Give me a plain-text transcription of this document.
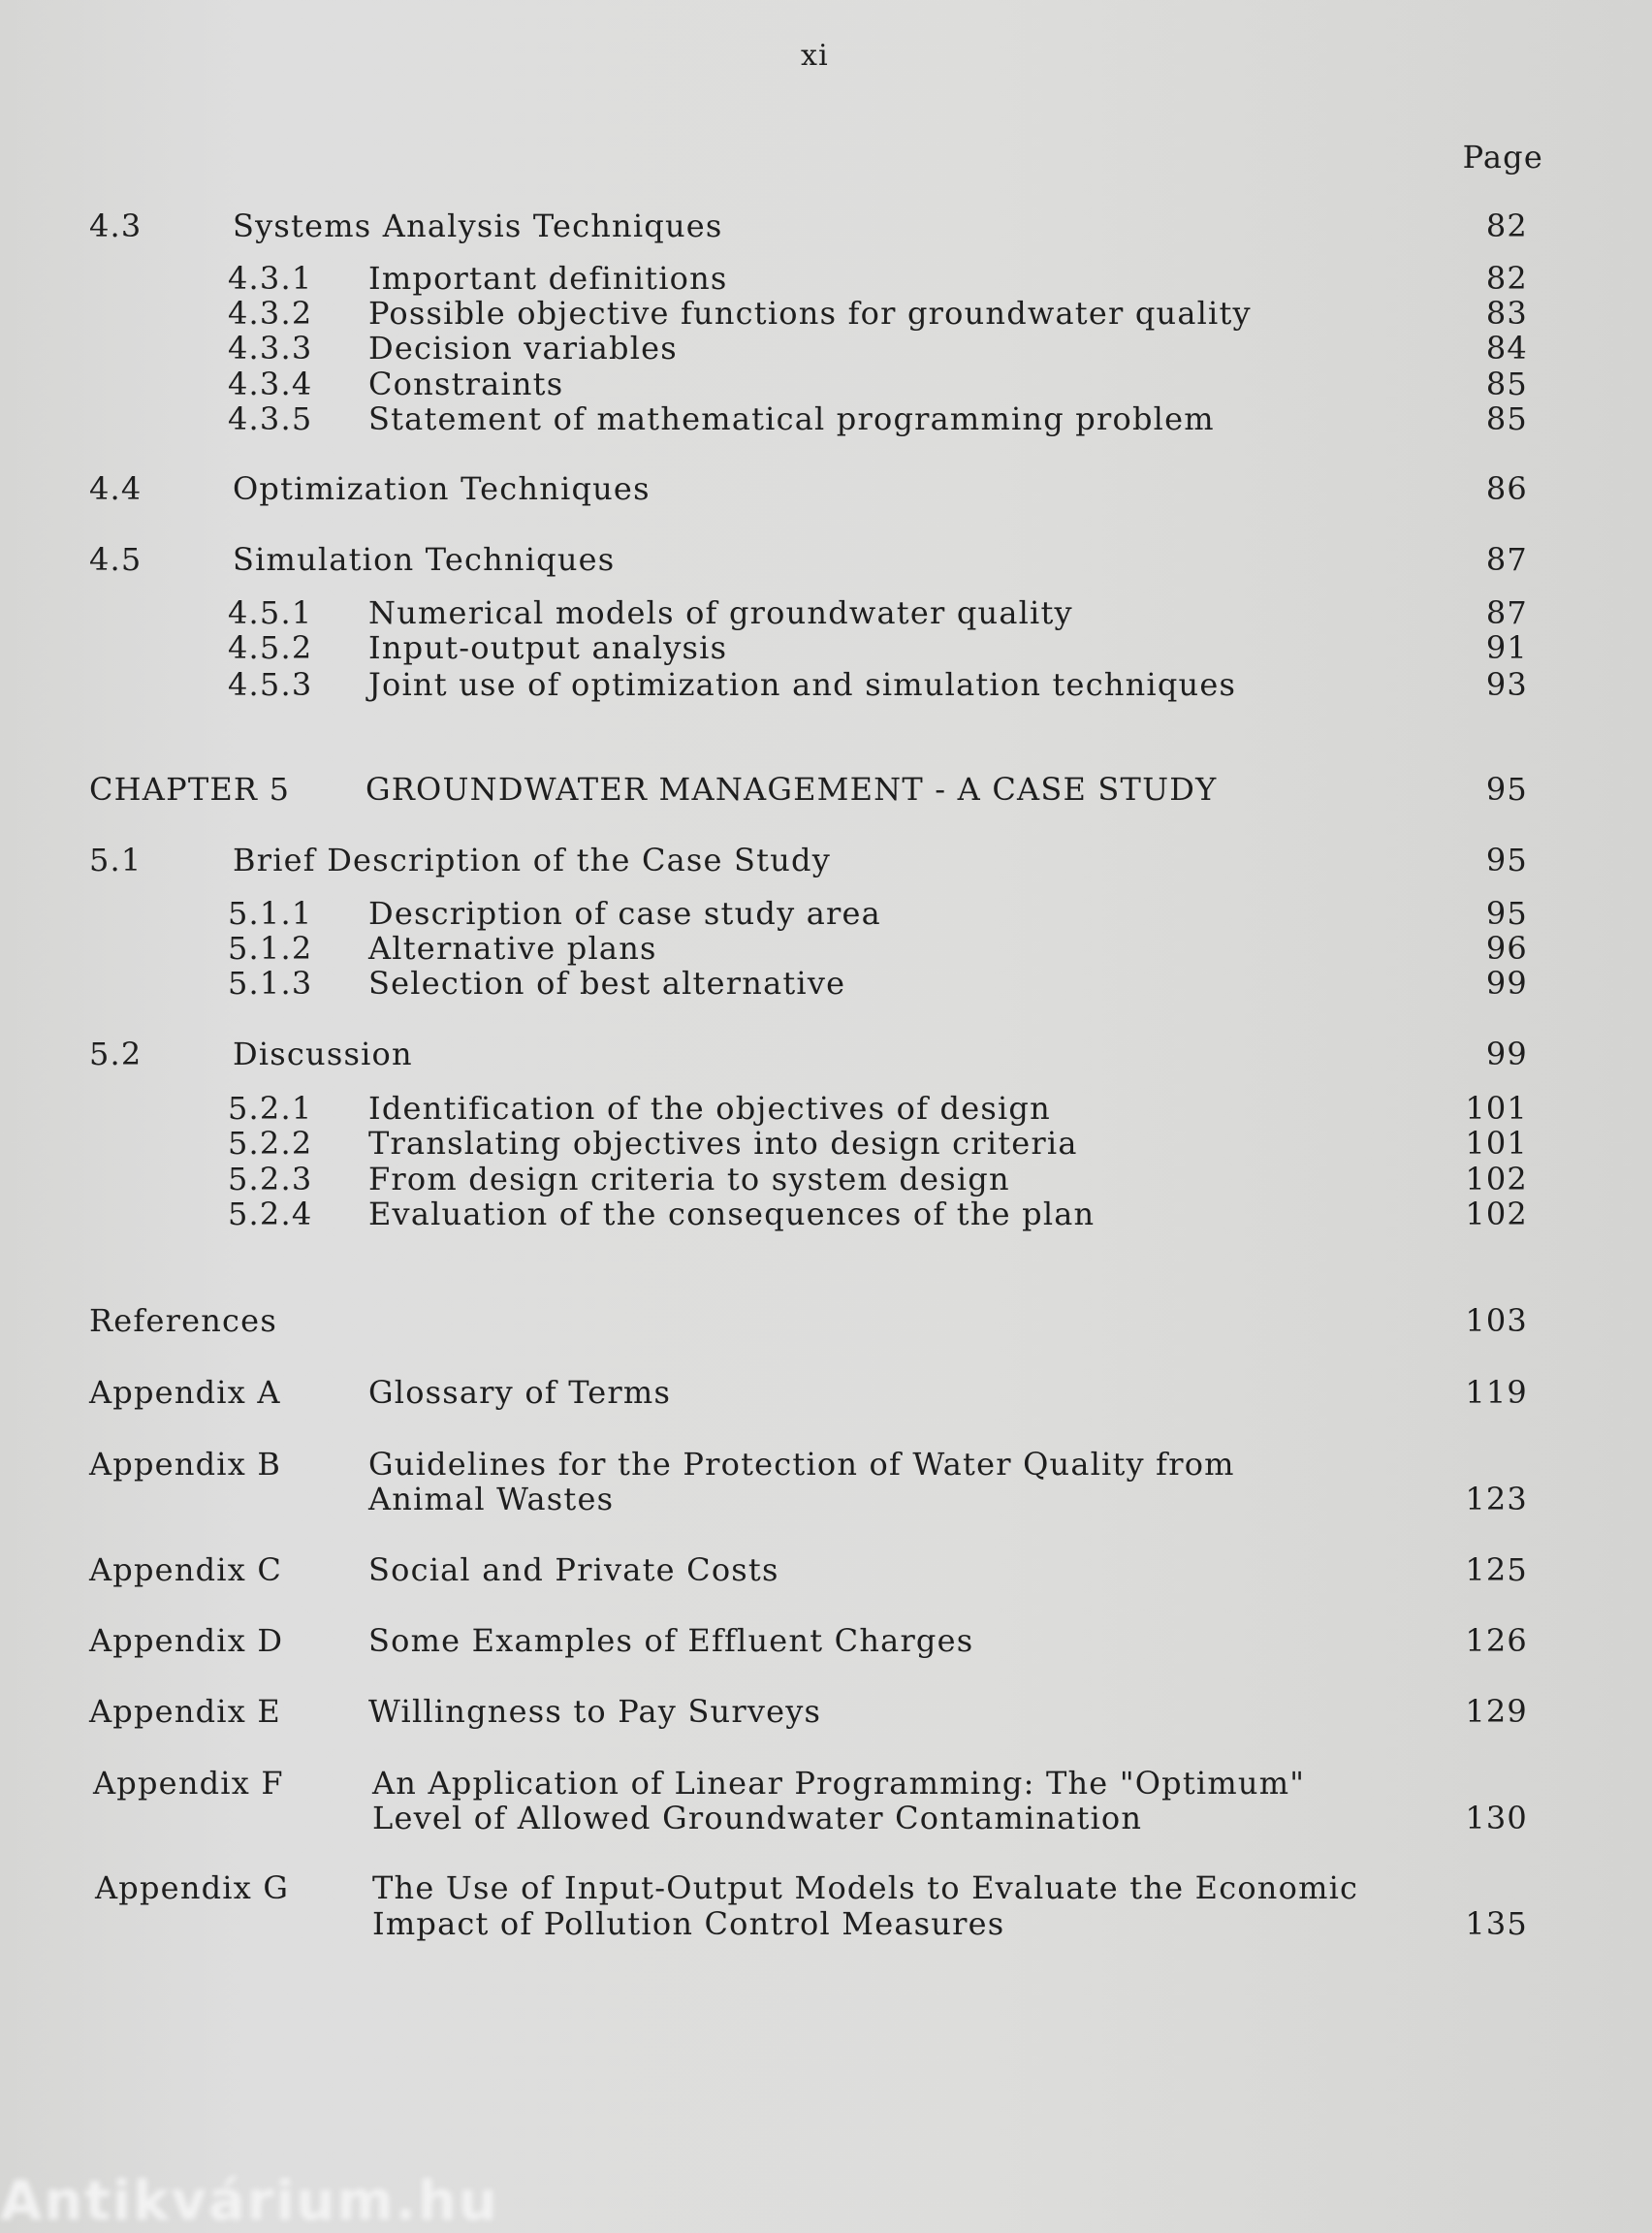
xi
Page
4.3	Systems Analysis Techniques	82
4.3.1 Important definitions	82
4.3.2 Possible objective functions for groundwater quality	83
4.3.3 Decision variables	84
4.3.4 Constraints	85
4.3.5 Statement of mathematical programming problem	85
4.4	Optimization Techniques	86
4.5	Simulation Techniques	87
4.5.1 Numerical models of groundwater quality	87
4.5.2 Input-output analysis	91
4.5.3 Joint use of optimization and simulation techniques	93
CHAPTER 5 GROUNDWATER MANAGEMENT - A CASE STUDY	95
5.1	Brief Description of the Case Study	95
5.1.1 Description of case study area	95
5.1.2 Alternative plans	96
5.1.3 Selection of best alternative	99
5.2	Discussion	99
5.2.1 Identification of the objectives of design	101
5.2.2 Translating objectives into design criteria	101
5.2.3 From design criteria to system design	102
5.2.4 Evaluation of the consequences of the plan	102
References	103
Appendix A	Glossary of Terms	119
Appendix B	Guidelines for the Protection of Water Quality from
Animal Wastes	123
Appendix C	Social and Private Costs	125
Appendix D	Some Examples of Effluent Charges	126
Appendix E	Willingness to Pay Surveys	129
Appendix F	An Application of Linear Programming: The "Optimum"
Level of Allowed Groundwater Contamination	130
Appendix G	The Use of Input-Output Models to Evaluate the Economic
Impact of Pollution Control Measures	135
Antikvárium.hu
